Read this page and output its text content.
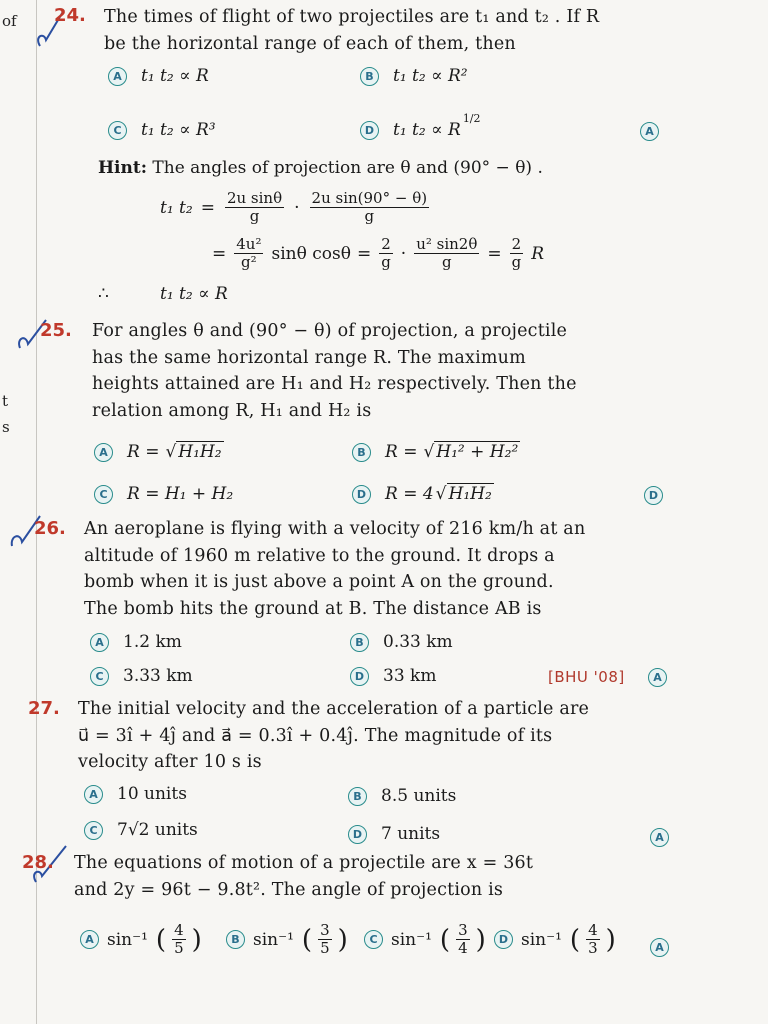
of
t
s
24. The times of flight of two projectiles are t₁ and t₂ . If R
be the horizontal range of each of them, then
A	t₁ t₂ ∝ R	B	t₁ t₂ ∝ R²
C	t₁ t₂ ∝ R³	D t₁ t₂ ∝ R
$^{1/2}$
A
Hint: The angles of projection are θ and (90° − θ) .
t₁ $t_2 = \frac{\text{2u sinθ}}{g} \cdot \frac{\text{2u sin(90° − θ)}}{g}$
= $\frac{\text{4u²}}{\text{g²}}$ sinθ $\cos\theta = \frac{2}{g} \cdot \frac{\text{u² sin2θ}}{g} = \frac{2}{g}$ R
∴	t₁ t₂ ∝ R
25. For angles θ and (90° − θ) of projection, a projectile
has the same horizontal range R. The maximum
heights attained are H₁ and H₂ respectively. Then the
relation among R, H₁ and H₂ is
A	R = √ H₁H₂	B	R = √ H₁² + H₂²
C	R = H₁ + H₂	D R = 4 √ H₁H₂	D
26. An aeroplane is flying with a velocity of 216 km/h at an
altitude of 1960 m relative to the ground. It drops a
bomb when it is just above a point A on the ground.
The bomb hits the ground at B. The distance AB is
A	1.2 km	B	0.33 km
C	3.33 km	D 33 km	[BHU '08]	A
27. The initial velocity and the acceleration of a particle are
u⃗ = 3î + 4ĵ and a⃗ = 0.3î + 0.4ĵ. The magnitude of its
velocity after 10 s is
A	10 units	B	8.5 units
C	7√2 units	D 7 units	A
28. The equations of motion of a projectile are x = 36t
and 2y = 96t − 9.8t². The angle of projection is
A sin⁻¹ ( $\frac{4}{5}$ )	B sin⁻¹ ( $\frac{3}{5}$ )	C sin⁻¹ ( $\frac{3}{4}$ )	D sin⁻¹ ( $\frac{4}{3}$ )	A
